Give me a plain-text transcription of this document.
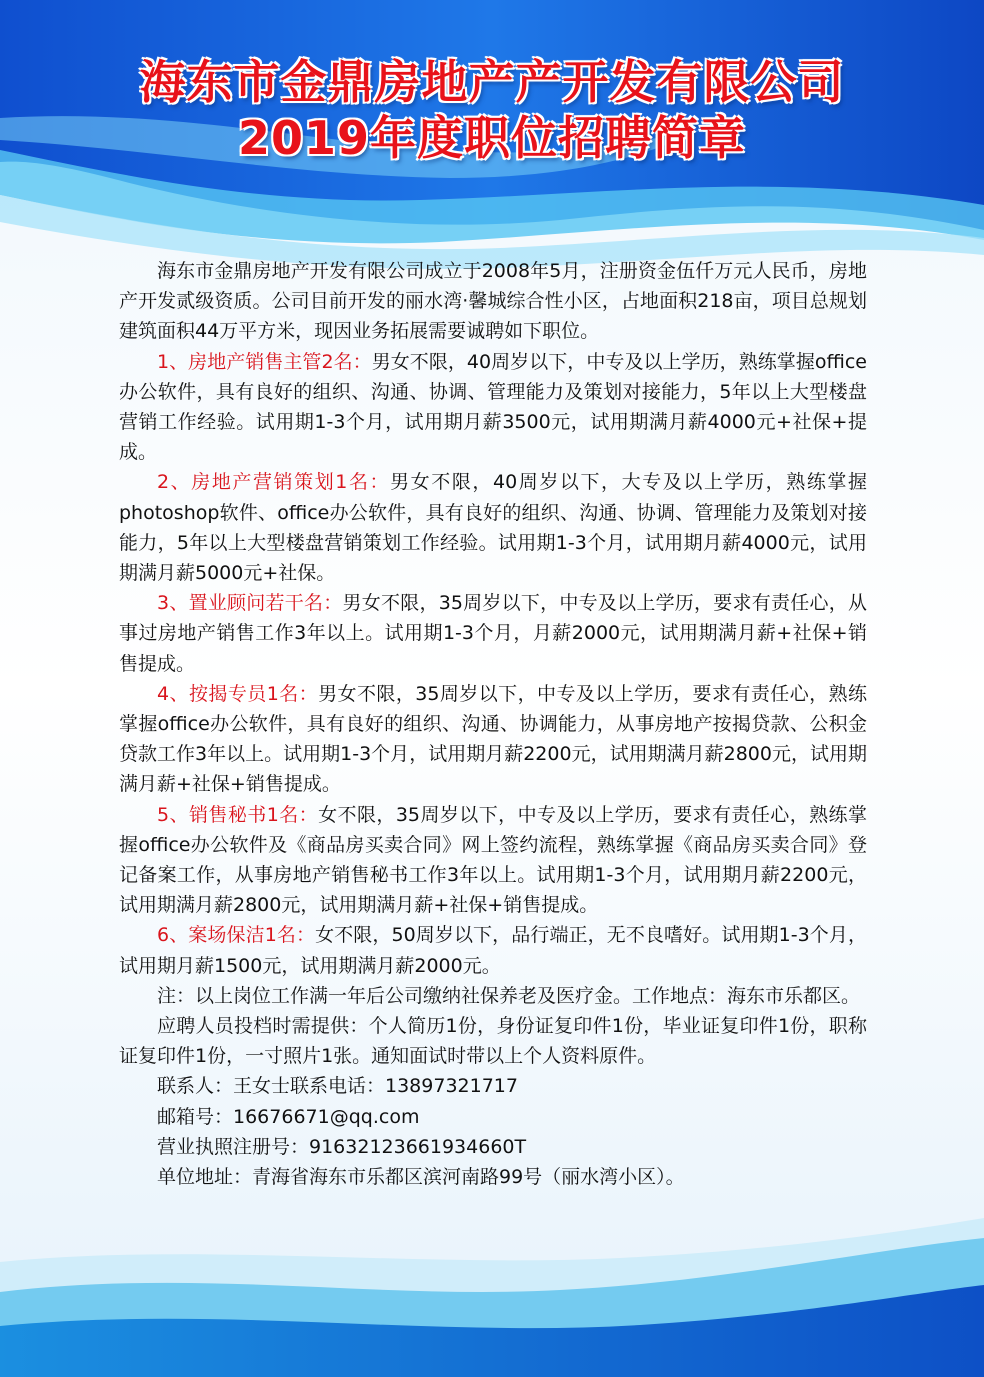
海东市金鼎房地产产开发有限公司
2019年度职位招聘简章

海东市金鼎房地产开发有限公司成立于2008年5月，注册资金伍仟万元人民币，房地产开发贰级资质。公司目前开发的丽水湾·馨城综合性小区，占地面积218亩，项目总规划建筑面积44万平方米，现因业务拓展需要诚聘如下职位。

1、房地产销售主管2名：男女不限，40周岁以下，中专及以上学历，熟练掌握office办公软件，具有良好的组织、沟通、协调、管理能力及策划对接能力，5年以上大型楼盘营销工作经验。试用期1-3个月，试用期月薪3500元，试用期满月薪4000元+社保+提成。

2、房地产营销策划1名：男女不限，40周岁以下，大专及以上学历，熟练掌握photoshop软件、office办公软件，具有良好的组织、沟通、协调、管理能力及策划对接能力，5年以上大型楼盘营销策划工作经验。试用期1-3个月，试用期月薪4000元，试用期满月薪5000元+社保。

3、置业顾问若干名：男女不限，35周岁以下，中专及以上学历，要求有责任心，从事过房地产销售工作3年以上。试用期1-3个月，月薪2000元，试用期满月薪+社保+销售提成。

4、按揭专员1名：男女不限，35周岁以下，中专及以上学历，要求有责任心，熟练掌握office办公软件，具有良好的组织、沟通、协调能力，从事房地产按揭贷款、公积金贷款工作3年以上。试用期1-3个月，试用期月薪2200元，试用期满月薪2800元，试用期满月薪+社保+销售提成。

5、销售秘书1名：女不限，35周岁以下，中专及以上学历，要求有责任心，熟练掌握office办公软件及《商品房买卖合同》网上签约流程，熟练掌握《商品房买卖合同》登记备案工作，从事房地产销售秘书工作3年以上。试用期1-3个月，试用期月薪2200元，试用期满月薪2800元，试用期满月薪+社保+销售提成。

6、案场保洁1名：女不限，50周岁以下，品行端正，无不良嗜好。试用期1-3个月，试用期月薪1500元，试用期满月薪2000元。

注：以上岗位工作满一年后公司缴纳社保养老及医疗金。工作地点：海东市乐都区。

应聘人员投档时需提供：个人简历1份，身份证复印件1份，毕业证复印件1份，职称证复印件1份，一寸照片1张。通知面试时带以上个人资料原件。

联系人：王女士联系电话：13897321717

邮箱号：16676671@qq.com

营业执照注册号：91632123661934660T

单位地址：青海省海东市乐都区滨河南路99号（丽水湾小区）。
